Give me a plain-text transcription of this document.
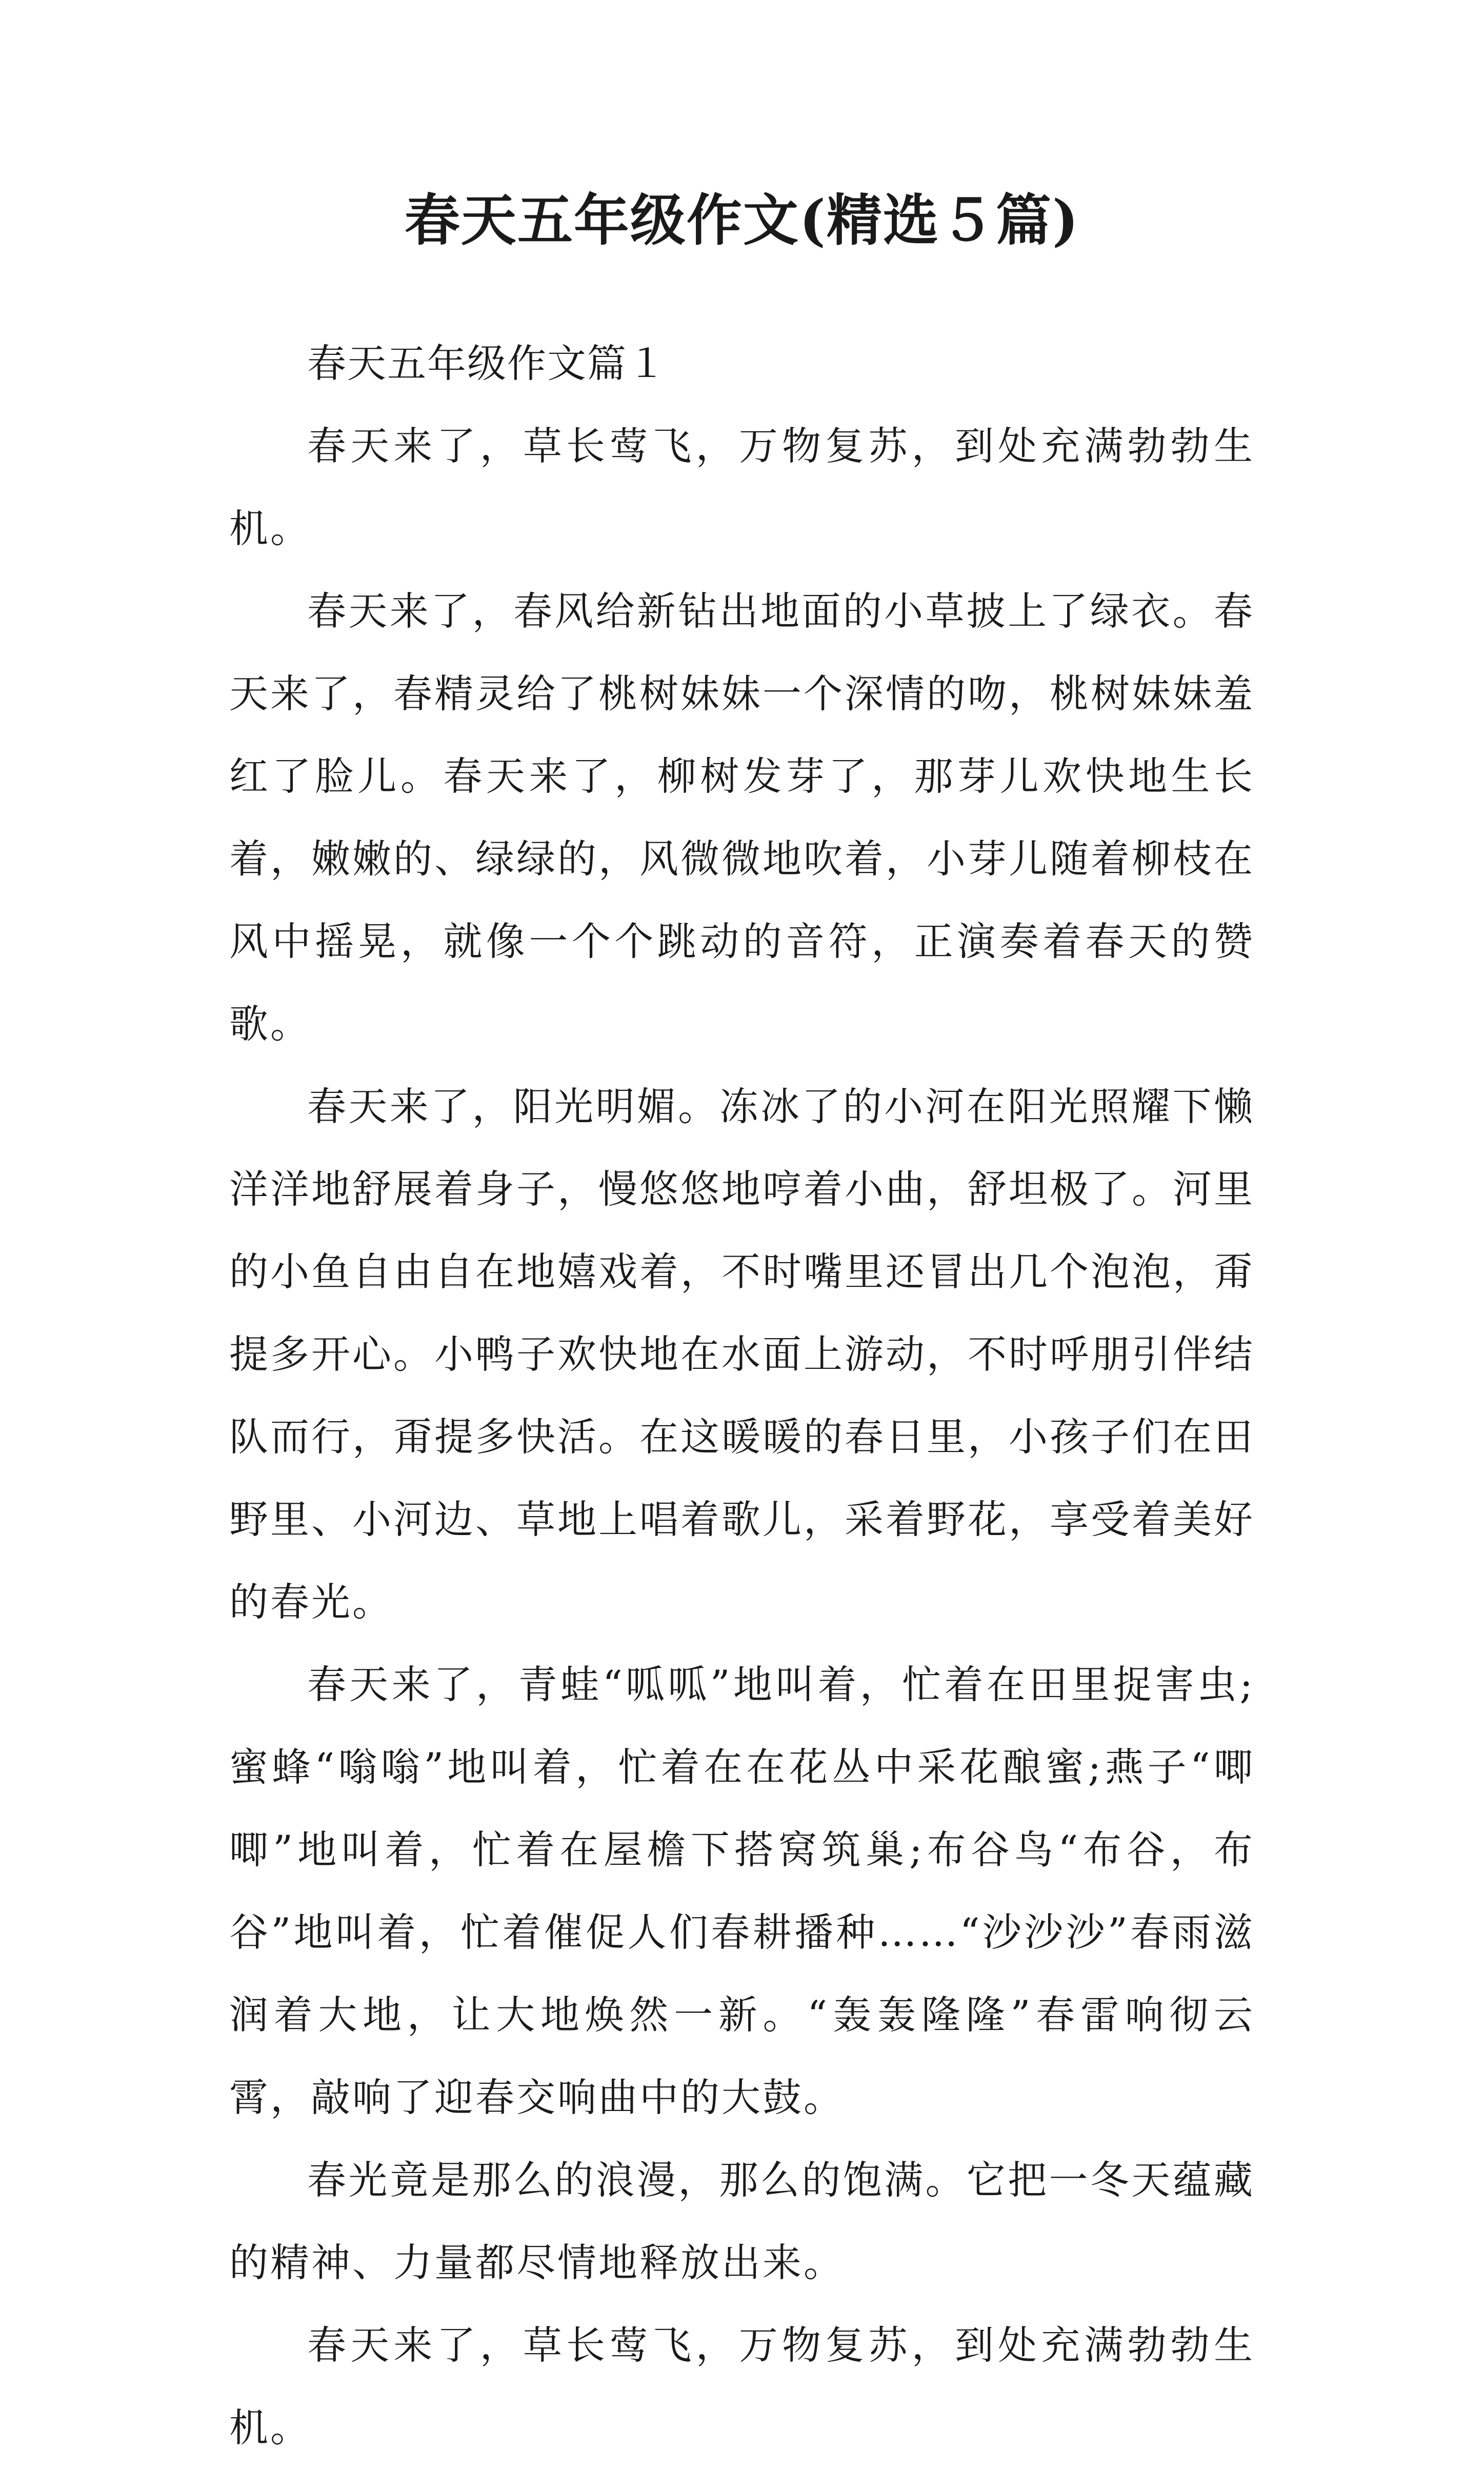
春天五年级作文(精选５篇)

春天五年级作文篇１

春天来了，草长莺飞，万物复苏，到处充满勃勃生机。

春天来了，春风给新钻出地面的小草披上了绿衣。春天来了，春精灵给了桃树妹妹一个深情的吻，桃树妹妹羞红了脸儿。春天来了，柳树发芽了，那芽儿欢快地生长着，嫩嫩的、绿绿的，风微微地吹着，小芽儿随着柳枝在风中摇晃，就像一个个跳动的音符，正演奏着春天的赞歌。

春天来了，阳光明媚。冻冰了的小河在阳光照耀下懒洋洋地舒展着身子，慢悠悠地哼着小曲，舒坦极了。河里的小鱼自由自在地嬉戏着，不时嘴里还冒出几个泡泡，甭提多开心。小鸭子欢快地在水面上游动，不时呼朋引伴结队而行，甭提多快活。在这暖暖的春日里，小孩子们在田野里、小河边、草地上唱着歌儿，采着野花，享受着美好的春光。

春天来了，青蛙“呱呱”地叫着，忙着在田里捉害虫;蜜蜂“嗡嗡”地叫着，忙着在在花丛中采花酿蜜;燕子“唧唧”地叫着，忙着在屋檐下搭窝筑巢;布谷鸟“布谷，布谷”地叫着，忙着催促人们春耕播种……“沙沙沙”春雨滋润着大地，让大地焕然一新。“轰轰隆隆”春雷响彻云霄，敲响了迎春交响曲中的大鼓。

春光竟是那么的浪漫，那么的饱满。它把一冬天蕴藏的精神、力量都尽情地释放出来。

春天来了，草长莺飞，万物复苏，到处充满勃勃生机。
